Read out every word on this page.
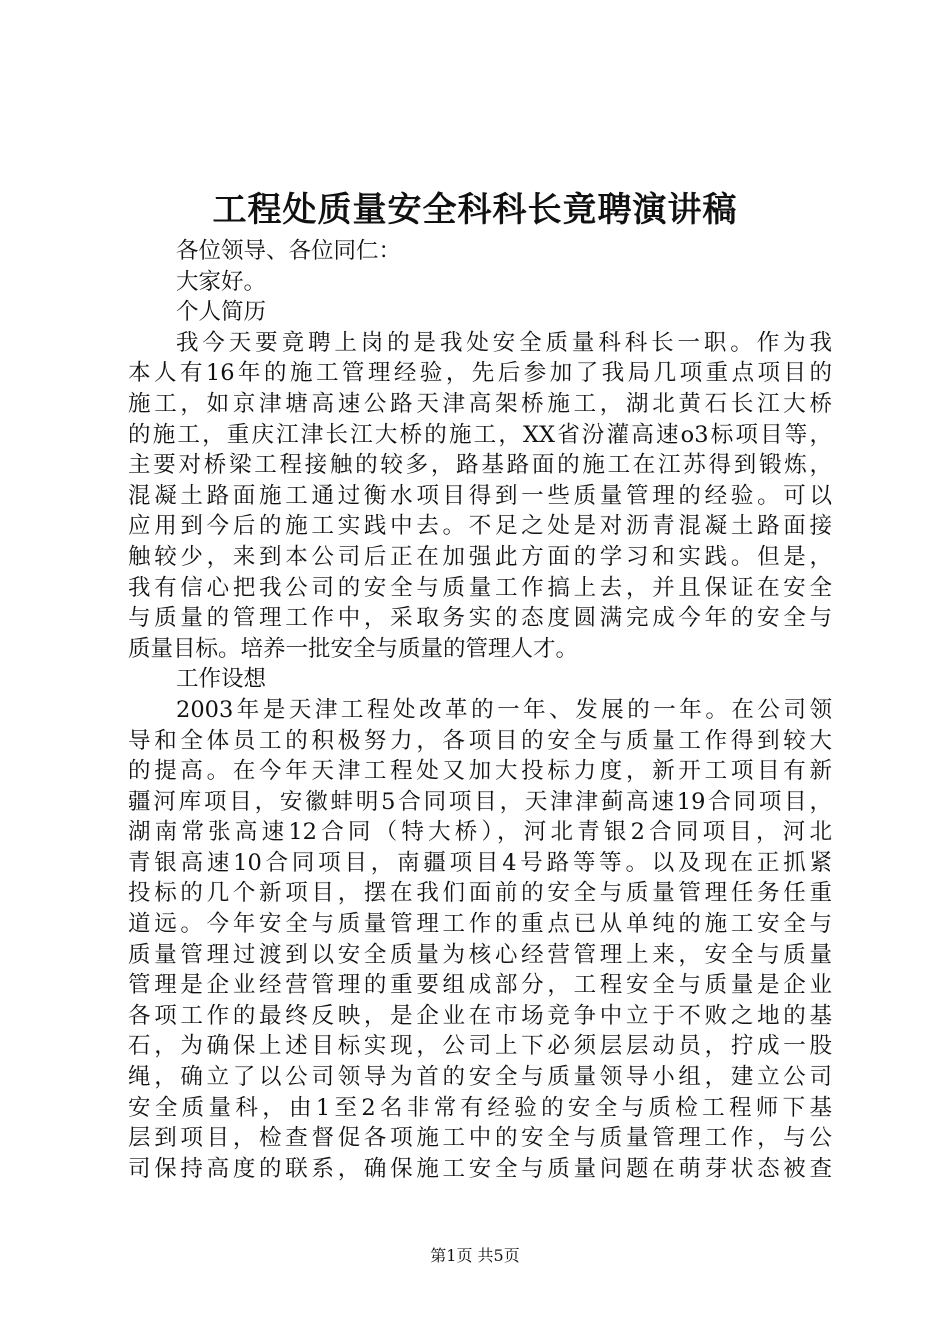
工程处质量安全科科长竟聘演讲稿
各位领导、各位同仁：
大家好。
个人简历
我今天要竟聘上岗的是我处安全质量科科长一职。作为我
本人有16年的施工管理经验，先后参加了我局几项重点项目的
施工，如京津塘高速公路天津高架桥施工，湖北黄石长江大桥
的施工，重庆江津长江大桥的施工，XX省汾灌高速o3标项目等，
主要对桥梁工程接触的较多，路基路面的施工在江苏得到锻炼，
混凝土路面施工通过衡水项目得到一些质量管理的经验。可以
应用到今后的施工实践中去。不足之处是对沥青混凝土路面接
触较少，来到本公司后正在加强此方面的学习和实践。但是，
我有信心把我公司的安全与质量工作搞上去，并且保证在安全
与质量的管理工作中，采取务实的态度圆满完成今年的安全与
质量目标。培养一批安全与质量的管理人才。
工作设想
2003年是天津工程处改革的一年、发展的一年。在公司领
导和全体员工的积极努力，各项目的安全与质量工作得到较大
的提高。在今年天津工程处又加大投标力度，新开工项目有新
疆河库项目，安徽蚌明5合同项目，天津津蓟高速19合同项目，
湖南常张高速12合同（特大桥），河北青银2合同项目，河北
青银高速10合同项目，南疆项目4号路等等。以及现在正抓紧
投标的几个新项目，摆在我们面前的安全与质量管理任务任重
道远。今年安全与质量管理工作的重点已从单纯的施工安全与
质量管理过渡到以安全质量为核心经营管理上来，安全与质量
管理是企业经营管理的重要组成部分，工程安全与质量是企业
各项工作的最终反映，是企业在市场竞争中立于不败之地的基
石，为确保上述目标实现，公司上下必须层层动员，拧成一股
绳，确立了以公司领导为首的安全与质量领导小组，建立公司
安全质量科，由1至2名非常有经验的安全与质检工程师下基
层到项目，检查督促各项施工中的安全与质量管理工作，与公
司保持高度的联系，确保施工安全与质量问题在萌芽状态被查
第1页 共5页
